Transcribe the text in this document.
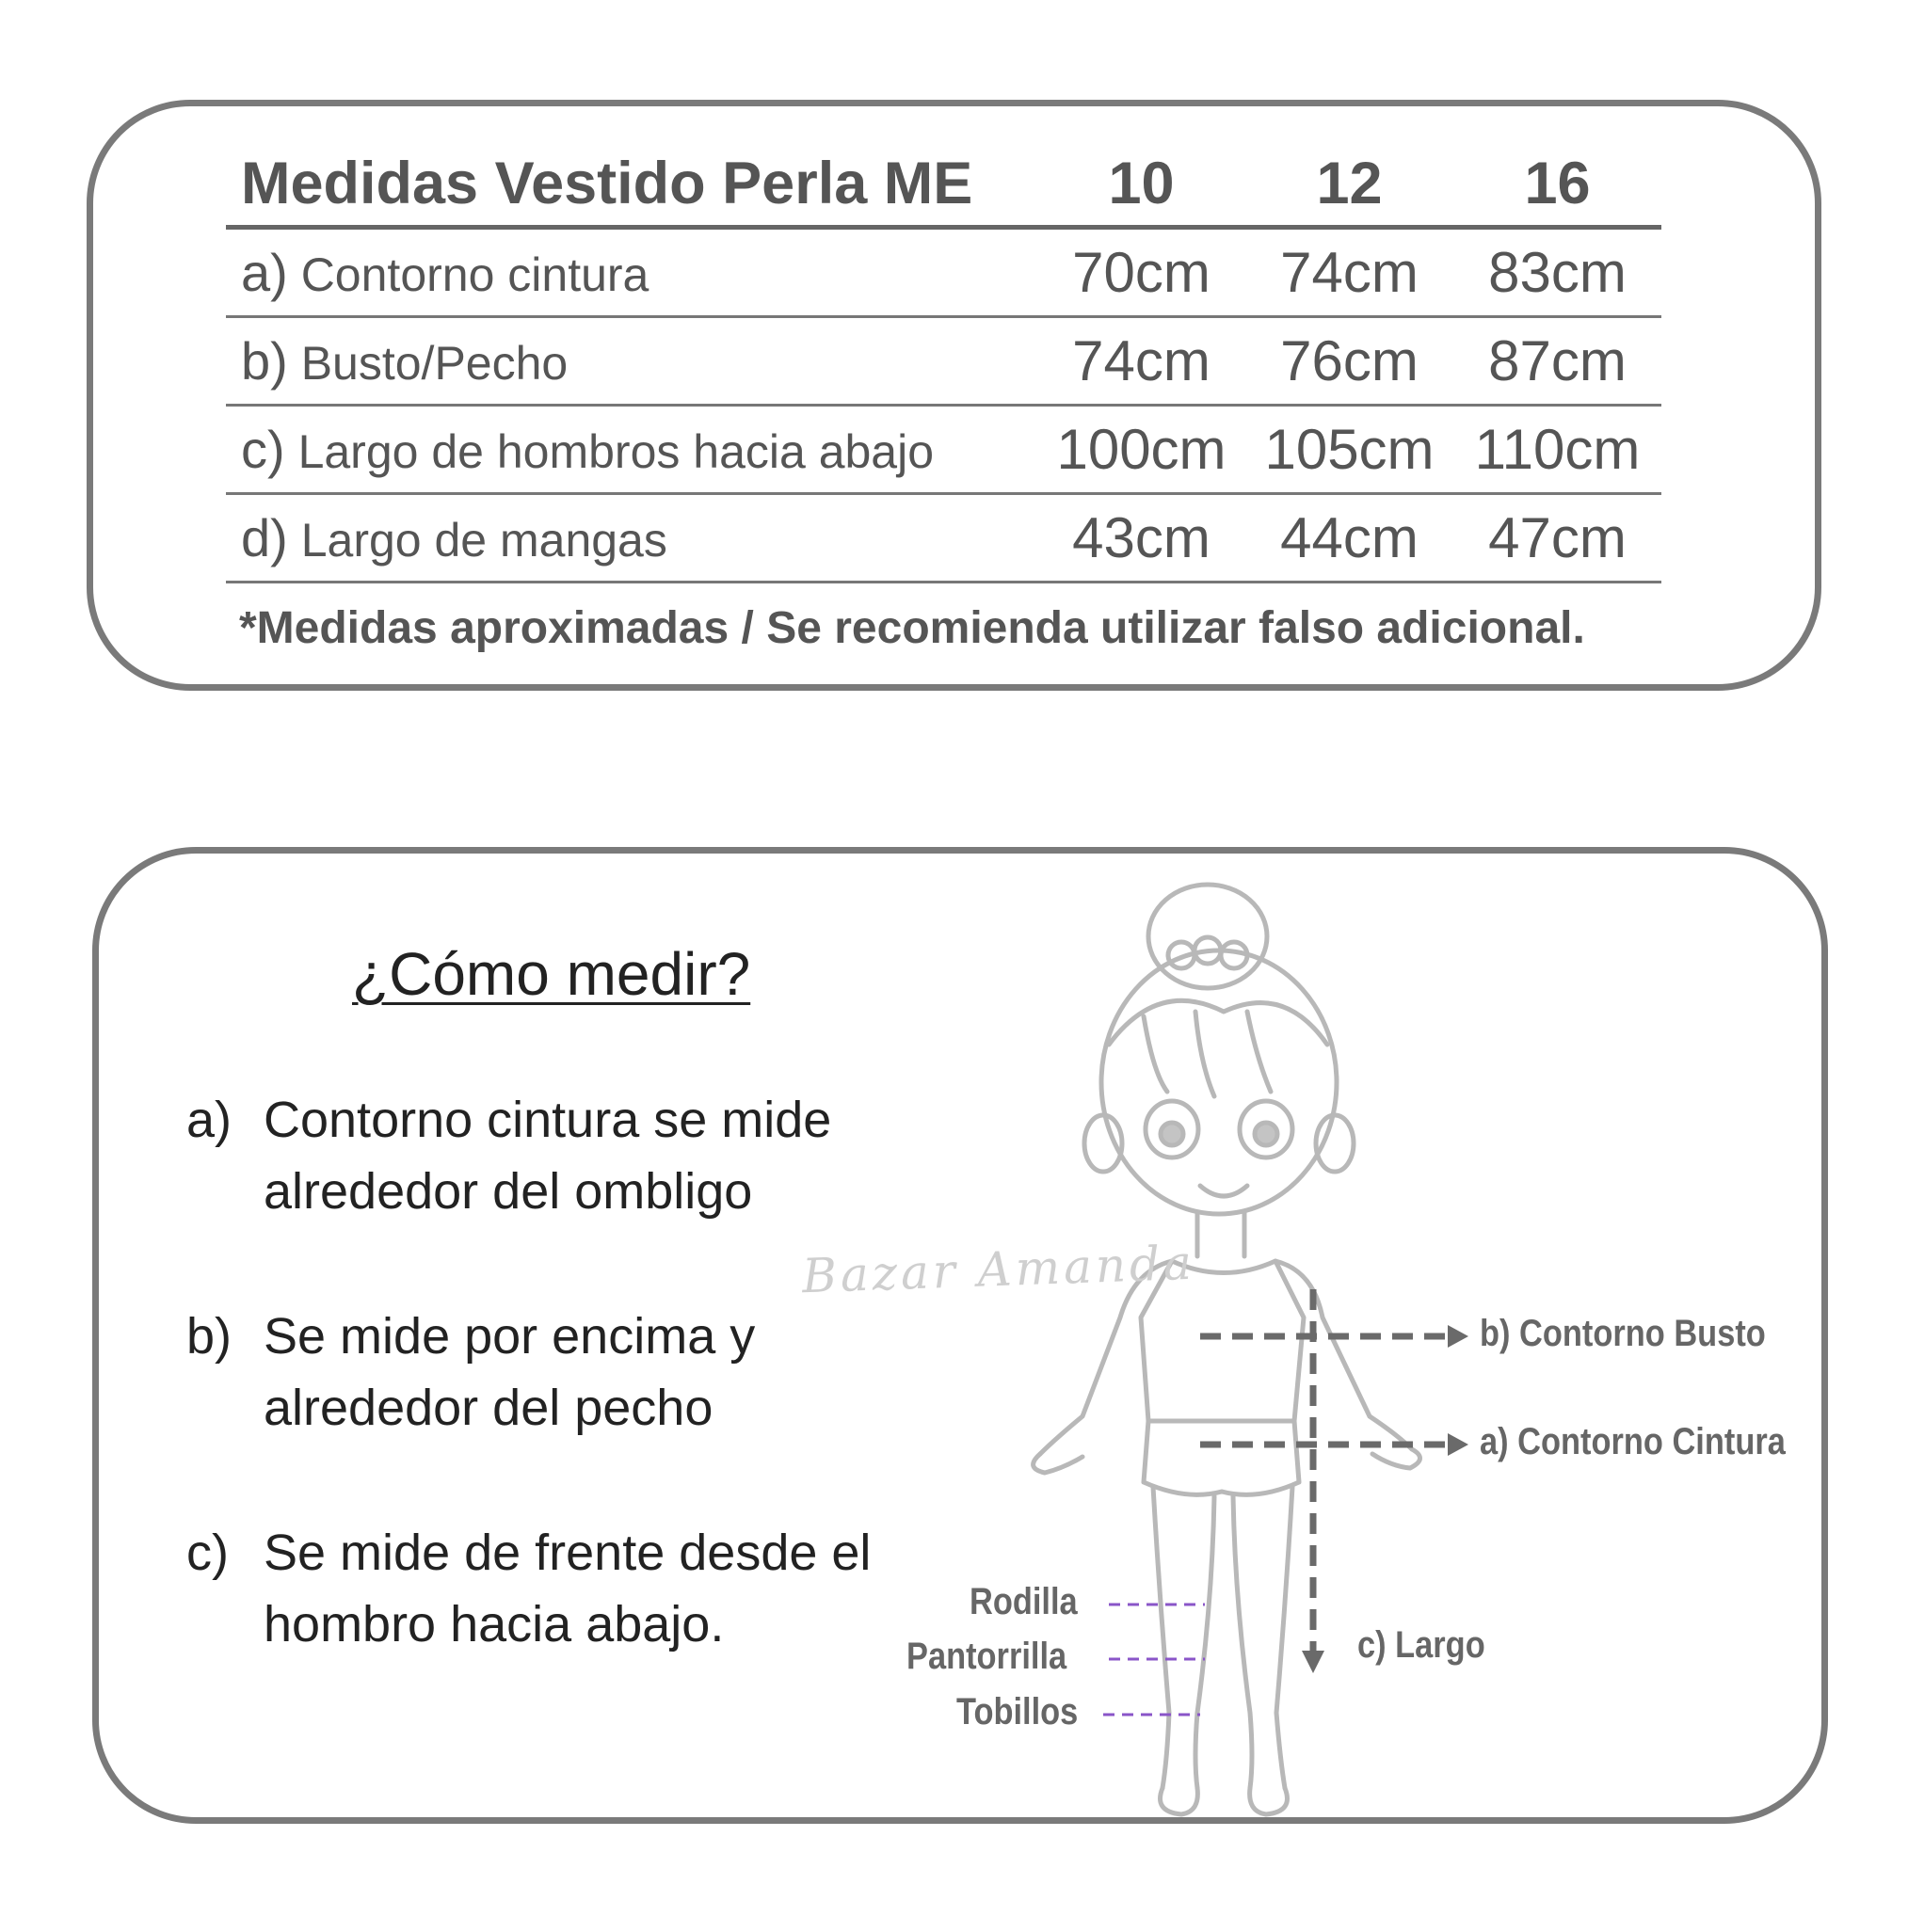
Medidas Vestido Perla ME	10	12	16
a) Contorno cintura	70cm	74cm	83cm
b) Busto/Pecho	74cm	76cm	87cm
c) Largo de hombros hacia abajo	100cm 105cm 110cm
d) Largo de mangas	43cm	44cm	47cm
*Medidas aproximadas / Se recomienda utilizar falso adicional.
¿Cómo medir?
a) Contorno cintura se mide alrededor del ombligo
b) Se mide por encima y alrededor del pecho
c) Se mide de frente desde el hombro hacia abajo.
Bazar Amanda
b) Contorno Busto
a) Contorno Cintura
c) Largo
Rodilla
Pantorrilla
Tobillos
